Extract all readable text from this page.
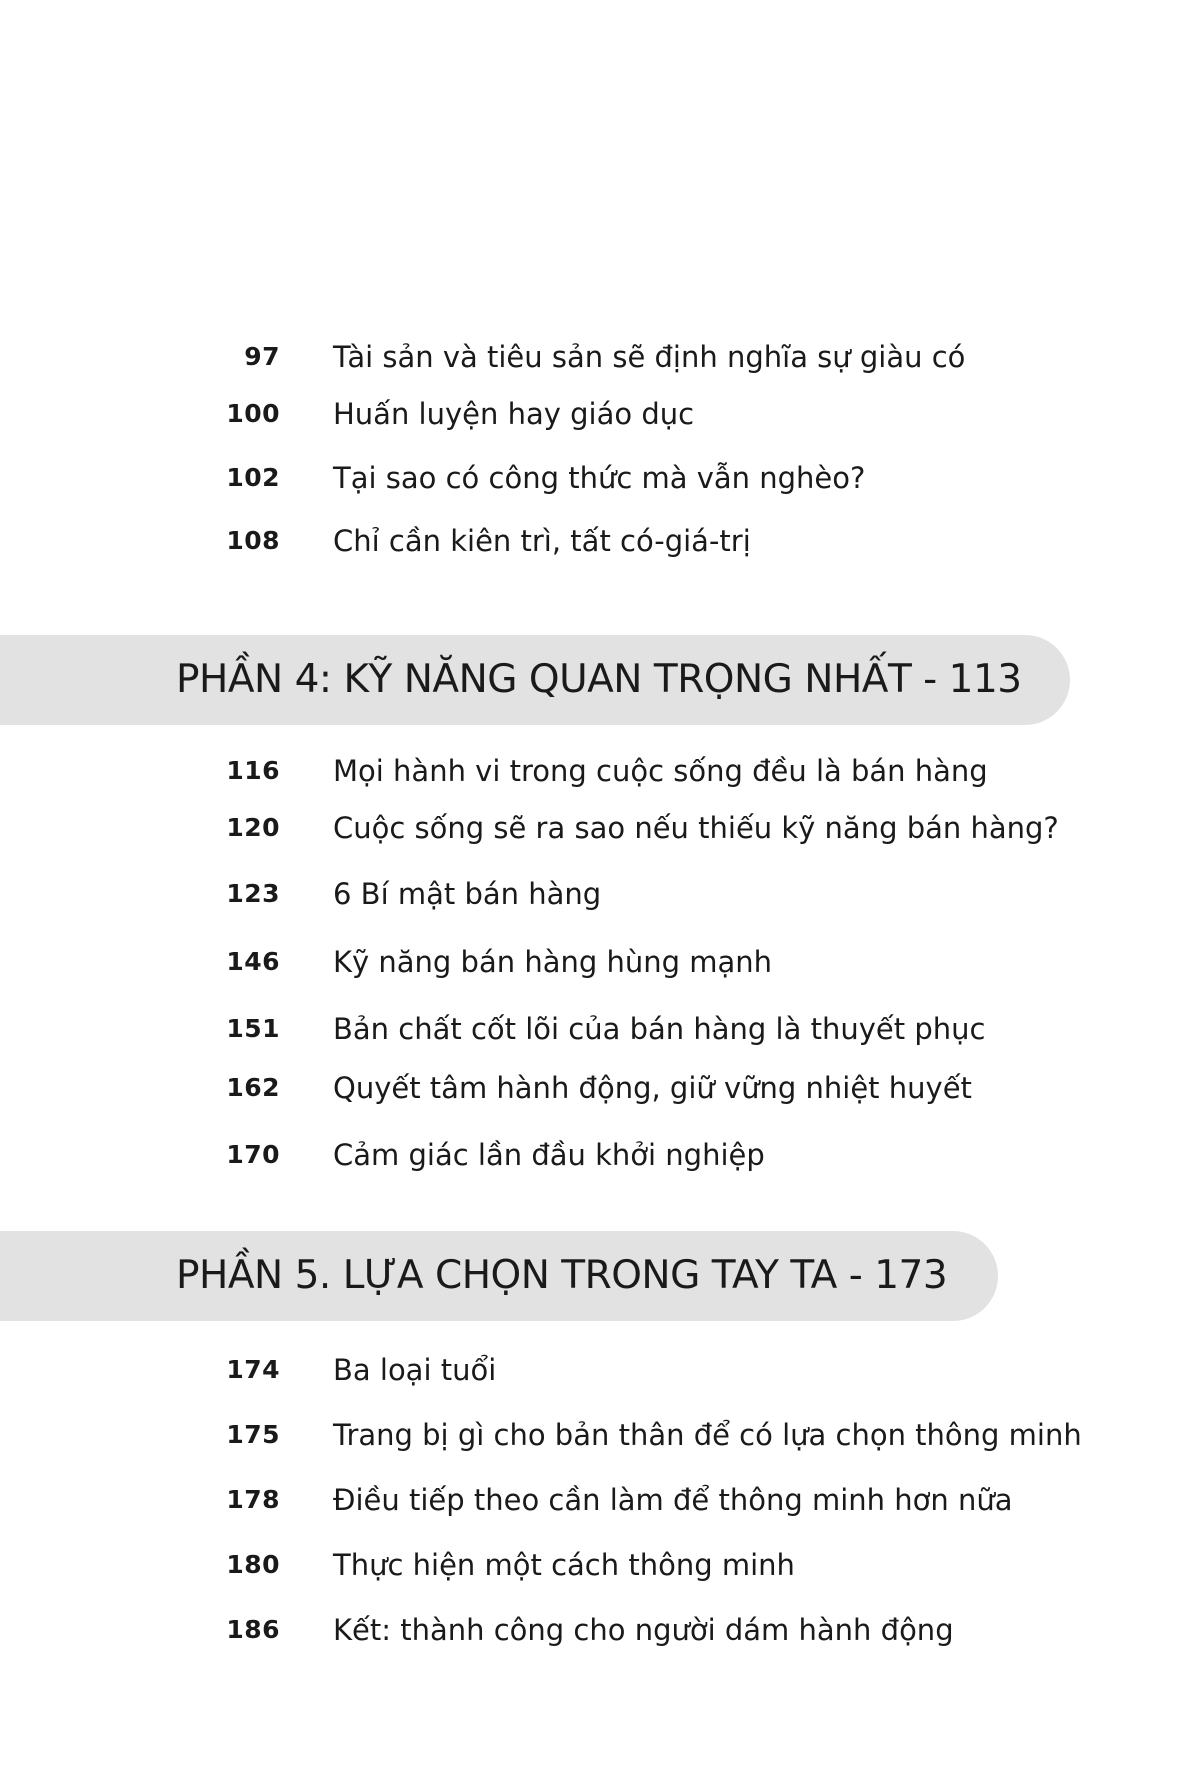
97 Tài sản và tiêu sản sẽ định nghĩa sự giàu có
100 Huấn luyện hay giáo dục
102 Tại sao có công thức mà vẫn nghèo?
108 Chỉ cần kiên trì, tất có-giá-trị
PHẦN 4: KỸ NĂNG QUAN TRỌNG NHẤT - 113
116 Mọi hành vi trong cuộc sống đều là bán hàng
120 Cuộc sống sẽ ra sao nếu thiếu kỹ năng bán hàng?
123 6 Bí mật bán hàng
146 Kỹ năng bán hàng hùng mạnh
151 Bản chất cốt lõi của bán hàng là thuyết phục
162 Quyết tâm hành động, giữ vững nhiệt huyết
170 Cảm giác lần đầu khởi nghiệp
PHẦN 5. LỰA CHỌN TRONG TAY TA - 173
174 Ba loại tuổi
175 Trang bị gì cho bản thân để có lựa chọn thông minh
178 Điều tiếp theo cần làm để thông minh hơn nữa
180 Thực hiện một cách thông minh
186 Kết: thành công cho người dám hành động
